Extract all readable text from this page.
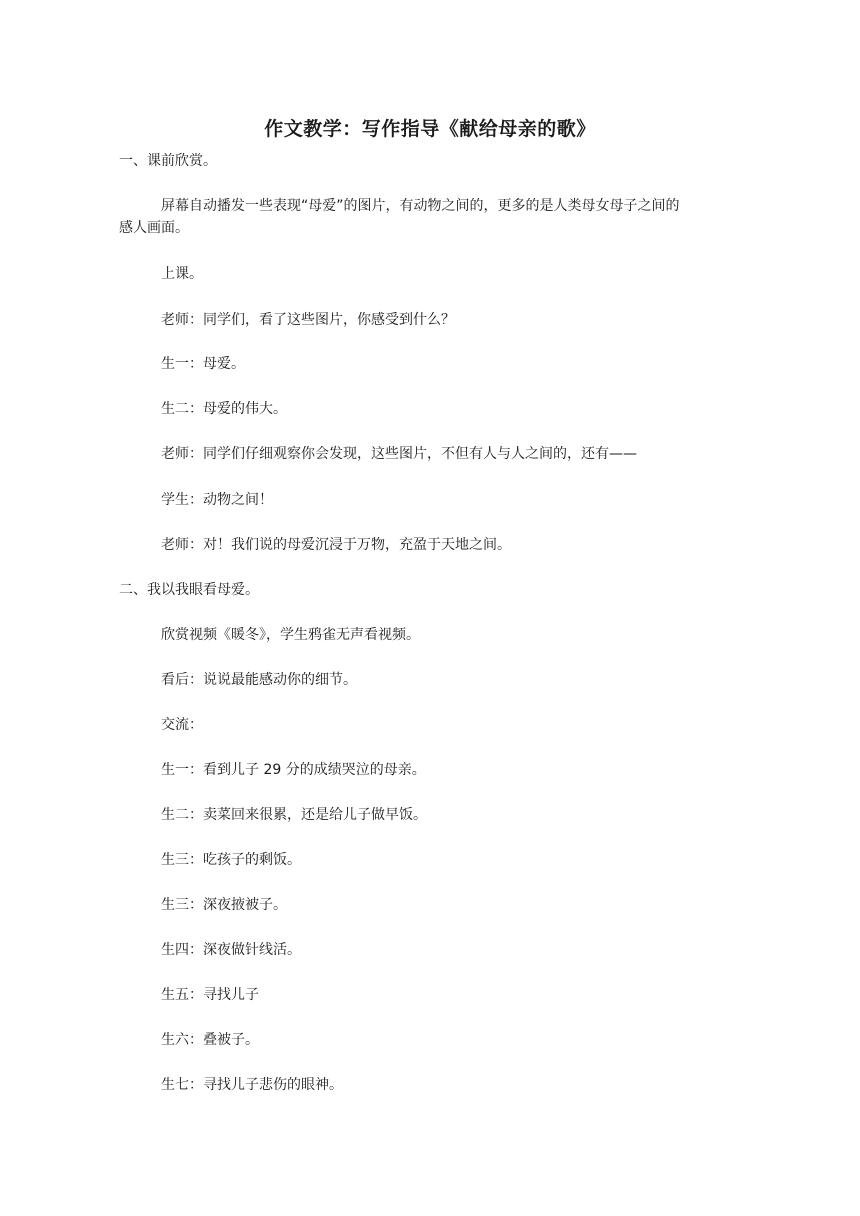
作文教学：写作指导《献给母亲的歌》
一、课前欣赏。
屏幕自动播发一些表现“母爱”的图片，有动物之间的，更多的是人类母女母子之间的
感人画面。
上课。
老师：同学们，看了这些图片，你感受到什么？
生一：母爱。
生二：母爱的伟大。
老师：同学们仔细观察你会发现，这些图片，不但有人与人之间的，还有——
学生：动物之间！
老师：对！我们说的母爱沉浸于万物，充盈于天地之间。
二、我以我眼看母爱。
欣赏视频《暖冬》，学生鸦雀无声看视频。
看后：说说最能感动你的细节。
交流：
生一：看到儿子 29 分的成绩哭泣的母亲。
生二：卖菜回来很累，还是给儿子做早饭。
生三：吃孩子的剩饭。
生三：深夜掖被子。
生四：深夜做针线活。
生五：寻找儿子
生六：叠被子。
生七：寻找儿子悲伤的眼神。
